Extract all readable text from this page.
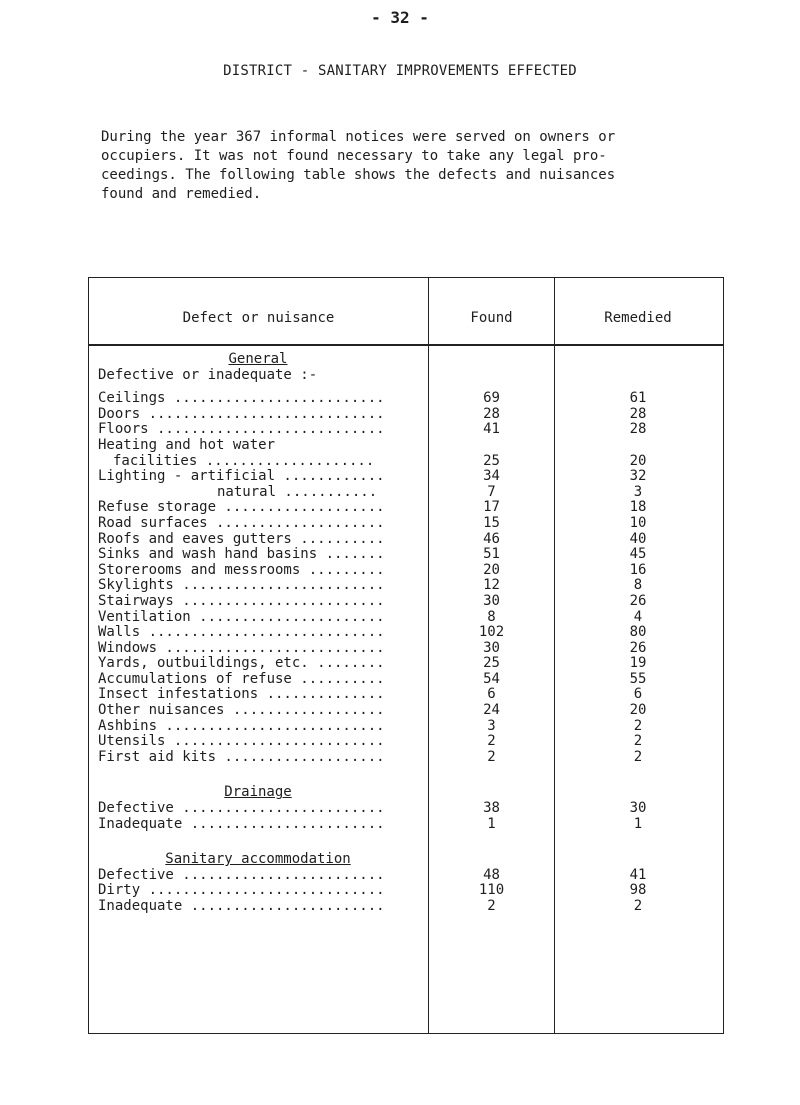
- 32 -
DISTRICT - SANITARY IMPROVEMENTS EFFECTED

During the year 367 informal notices were served on owners or

occupiers. It was not found necessary to take any legal pro-

ceedings. The following table shows the defects and nuisances

found and remedied.

Defect or nuisance	Found	Remedied
General
Defective or inadequate :-
Ceilings .........................	69	61
Doors ............................	28	28
Floors ...........................	41	28
Heating and hot water
facilities ....................	25	20
Lighting - artificial ............	34	32
natural ...........	7	3
Refuse storage ...................	17	18
Road surfaces ....................	15	10
Roofs and eaves gutters ..........	46	40
Sinks and wash hand basins .......	51	45
Storerooms and messrooms .........	20	16
Skylights ........................	12	8
Stairways ........................	30	26
Ventilation ......................	8	4
Walls ............................	102	80
Windows ..........................	30	26
Yards, outbuildings, etc. ........	25	19
Accumulations of refuse ..........	54	55
Insect infestations ..............	6	6
Other nuisances ..................	24	20
Ashbins ..........................	3	2
Utensils .........................	2	2
First aid kits ...................	2	2
Drainage
Defective ........................	38	30
Inadequate .......................	1	1
Sanitary accommodation
Defective ........................	48	41
Dirty ............................	110	98
Inadequate .......................	2	2
